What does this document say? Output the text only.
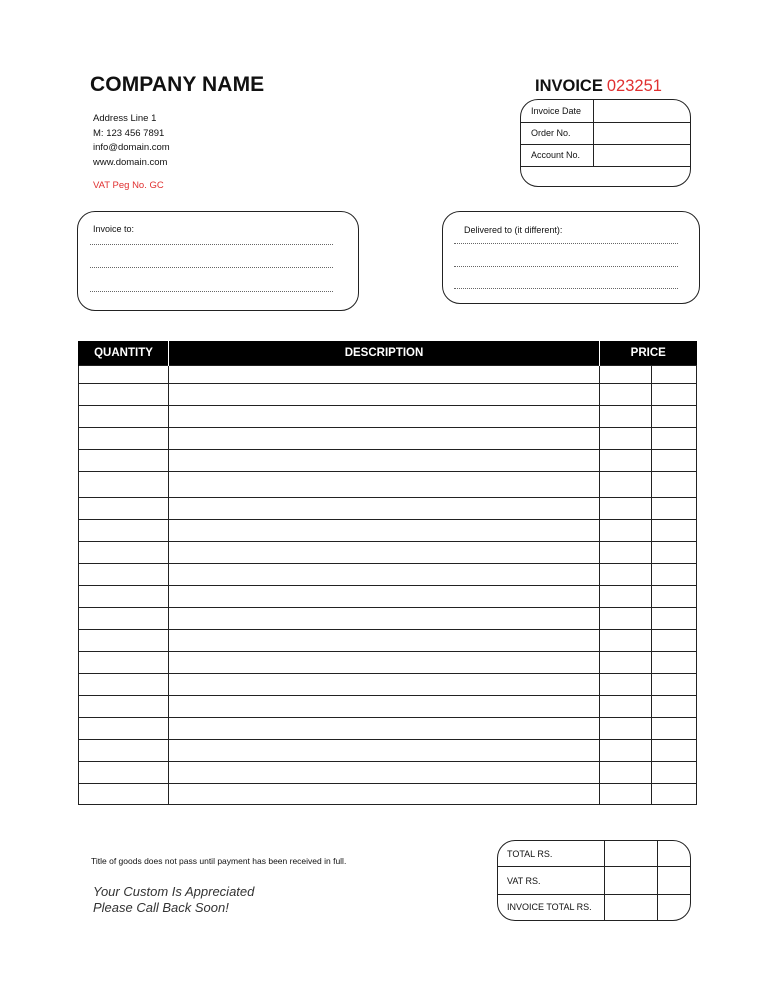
COMPANY NAME
Address Line 1
M: 123 456 7891
info@domain.com
www.domain.com
VAT Peg No. GC
INVOICE 023251
Invoice Date	
Order No.	
Account No.	
Invoice to:	Delivered to (it different):
QUANTITY	DESCRIPTION	PRICE	

Title of goods does not pass until payment has been received in full.
Your Custom Is Appreciated
Please Call Back Soon!
TOTAL RS.		
VAT RS.		
INVOICE TOTAL RS.		
